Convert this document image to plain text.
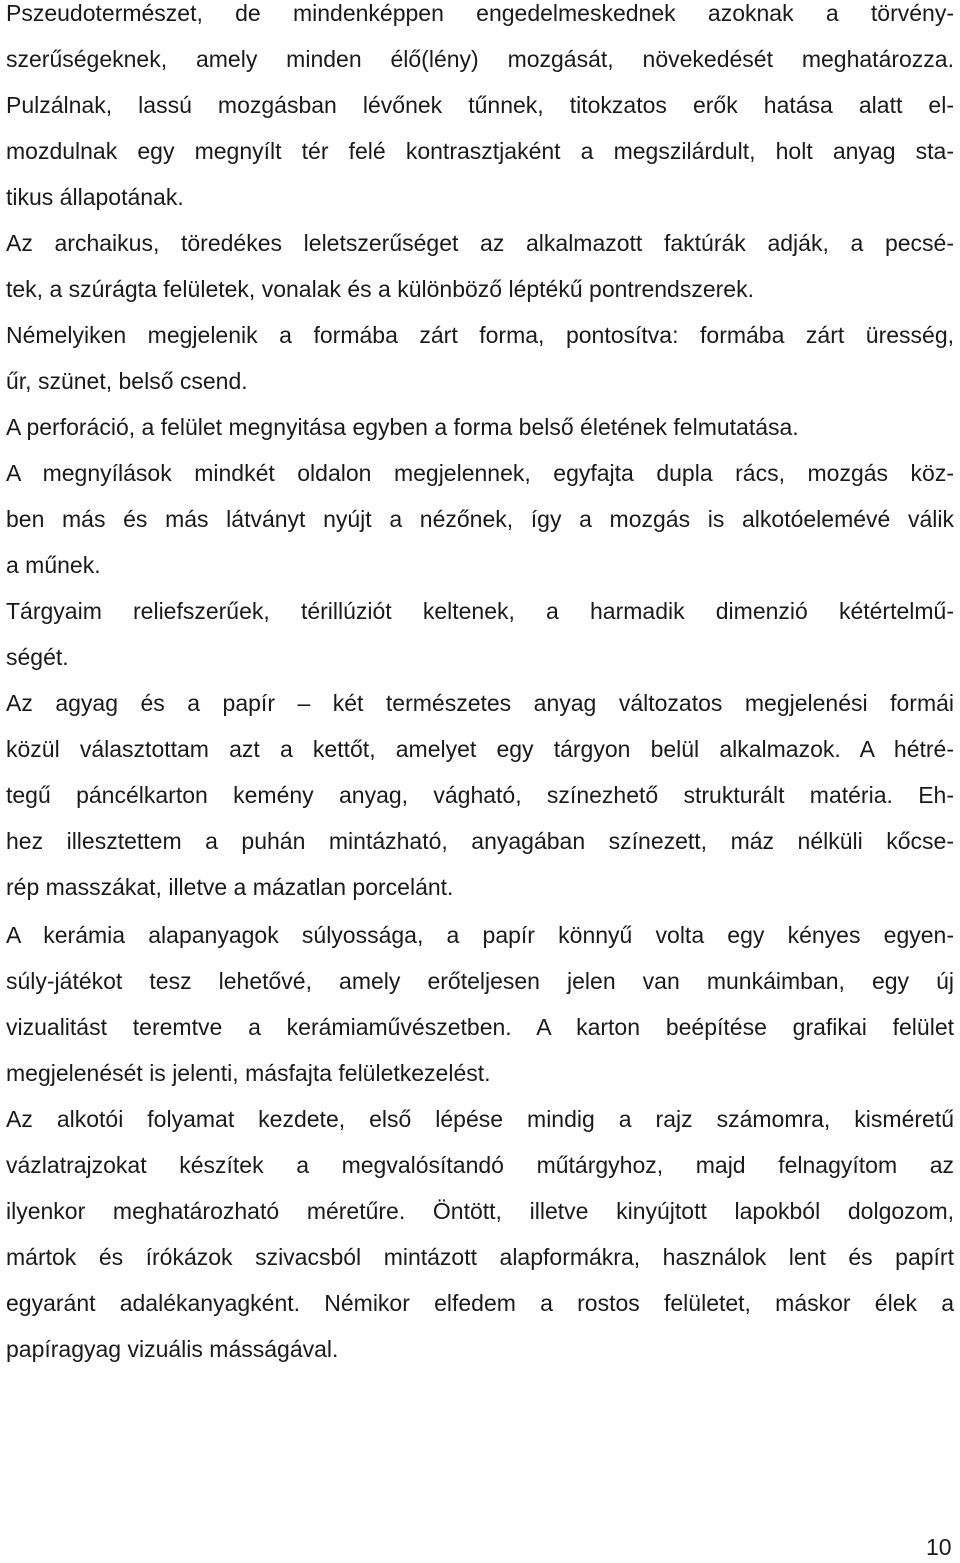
Pszeudotermészet, de mindenképpen engedelmeskednek azoknak a törvény-
szerűségeknek, amely minden élő(lény) mozgását, növekedését meghatározza.
Pulzálnak, lassú mozgásban lévőnek tűnnek, titokzatos erők hatása alatt el-
mozdulnak egy megnyílt tér felé kontrasztjaként a megszilárdult, holt anyag sta-
tikus állapotának.
Az archaikus, töredékes leletszerűséget az alkalmazott faktúrák adják, a pecsé-
tek, a szúrágta felületek, vonalak és a különböző léptékű pontrendszerek.
Némelyiken megjelenik a formába zárt forma, pontosítva: formába zárt üresség,
űr, szünet, belső csend.
A perforáció, a felület megnyitása egyben a forma belső életének felmutatása.
A megnyílások mindkét oldalon megjelennek, egyfajta dupla rács, mozgás köz-
ben más és más látványt nyújt a nézőnek, így a mozgás is alkotóelemévé válik
a műnek.
Tárgyaim reliefszerűek, térillúziót keltenek, a harmadik dimenzió kétértelmű-
ségét.
Az agyag és a papír – két természetes anyag változatos megjelenési formái
közül választottam azt a kettőt, amelyet egy tárgyon belül alkalmazok. A hétré-
tegű páncélkarton kemény anyag, vágható, színezhető strukturált matéria. Eh-
hez illesztettem a puhán mintázható, anyagában színezett, máz nélküli kőcse-
rép masszákat, illetve a mázatlan porcelánt.
A kerámia alapanyagok súlyossága, a papír könnyű volta egy kényes egyen-
súly-játékot tesz lehetővé, amely erőteljesen jelen van munkáimban, egy új
vizualitást teremtve a kerámiaművészetben. A karton beépítése grafikai felület
megjelenését is jelenti, másfajta felületkezelést.
Az alkotói folyamat kezdete, első lépése mindig a rajz számomra, kisméretű
vázlatrajzokat készítek a megvalósítandó műtárgyhoz, majd felnagyítom az
ilyenkor meghatározható méretűre. Öntött, illetve kinyújtott lapokból dolgozom,
mártok és írókázok szivacsból mintázott alapformákra, használok lent és papírt
egyaránt adalékanyagként. Némikor elfedem a rostos felületet, máskor élek a
papíragyag vizuális másságával.
10
